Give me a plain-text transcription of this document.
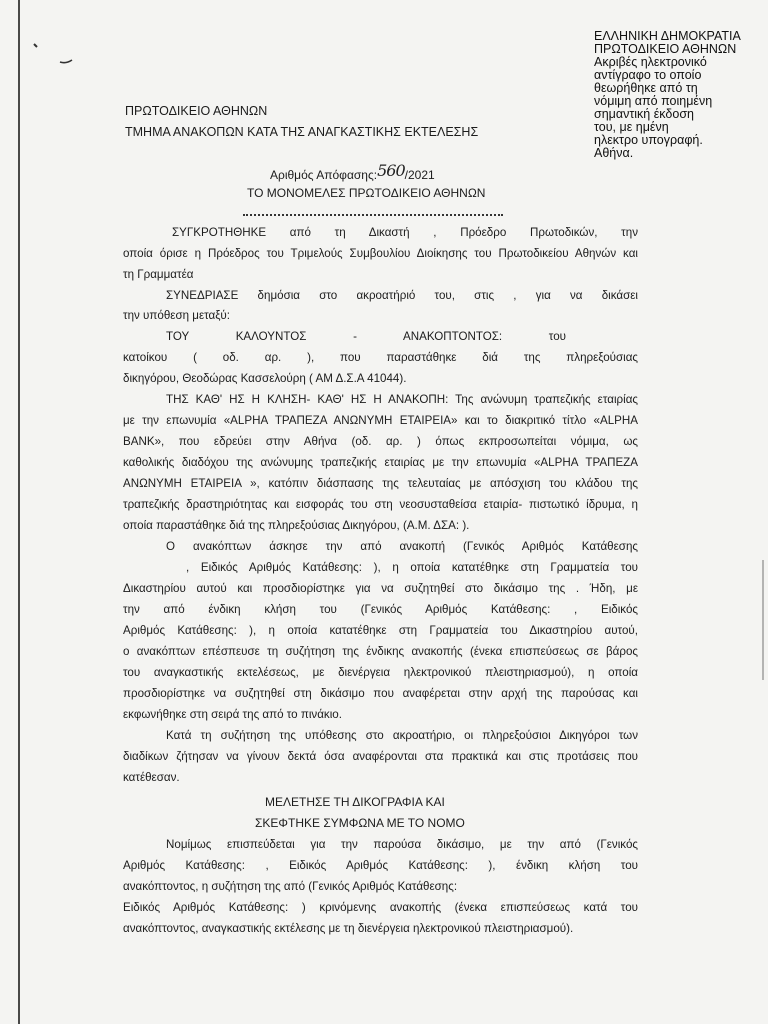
ΕΛΛΗΝΙΚΗ ΔΗΜΟΚΡΑΤΙΑ
ΠΡΩΤΟΔΙΚΕΙΟ ΑΘΗΝΩΝ
Ακριβές ηλεκτρονικό
αντίγραφο το οποίο
θεωρήθηκε από τη
νόμιμη από ποιημένη
σημαντική έκδοση
του, με ημένη
ηλεκτρο υπογραφή.
Αθήνα.
ΠΡΩΤΟΔΙΚΕΙΟ ΑΘΗΝΩΝ
ΤΜΗΜΑ ΑΝΑΚΟΠΩΝ ΚΑΤΑ ΤΗΣ ΑΝΑΓΚΑΣΤΙΚΗΣ ΕΚΤΕΛΕΣΗΣ
Αριθμός Απόφασης:560/2021
ΤΟ ΜΟΝΟΜΕΛΕΣ ΠΡΩΤΟΔΙΚΕΙΟ ΑΘΗΝΩΝ
ΣΥΓΚΡΟΤΗΘΗΚΕ από τη Δικαστή , Πρόεδρο Πρωτοδικών, την
οποία όρισε η Πρόεδρος του Τριμελούς Συμβουλίου Διοίκησης του Πρωτοδικείου Αθηνών και
τη Γραμματέα
ΣΥΝΕΔΡΙΑΣΕ δημόσια στο ακροατήριό του, στις , για να δικάσει
την υπόθεση μεταξύ:
ΤΟΥ ΚΑΛΟΥΝΤΟΣ - ΑΝΑΚΟΠΤΟΝΤΟΣ: του
κατοίκου ( οδ. αρ. ), που παραστάθηκε διά της πληρεξούσιας
δικηγόρου, Θεοδώρας Κασσελούρη ( ΑΜ Δ.Σ.Α 41044).
ΤΗΣ ΚΑΘ' ΗΣ Η ΚΛΗΣΗ- ΚΑΘ' ΗΣ Η ΑΝΑΚΟΠΗ: Της ανώνυμη τραπεζικής εταιρίας
με την επωνυμία «ALPHA ΤΡΑΠΕΖΑ ΑΝΩΝΥΜΗ ΕΤΑΙΡΕΙΑ» και το διακριτικό τίτλο «ALPHA
BANK», που εδρεύει στην Αθήνα (οδ. αρ. ) όπως εκπροσωπείται νόμιμα, ως
καθολικής διαδόχου της ανώνυμης τραπεζικής εταιρίας με την επωνυμία «ALPHA ΤΡΑΠΕΖΑ
ΑΝΩΝΥΜΗ ΕΤΑΙΡΕΙΑ », κατόπιν διάσπασης της τελευταίας με απόσχιση του κλάδου της
τραπεζικής δραστηριότητας και εισφοράς του στη νεοσυσταθείσα εταιρία- πιστωτικό ίδρυμα, η
οποία παραστάθηκε διά της πληρεξούσιας Δικηγόρου, (Α.Μ. ΔΣΑ: ).
Ο ανακόπτων άσκησε την από ανακοπή (Γενικός Αριθμός Κατάθεσης
, Ειδικός Αριθμός Κατάθεσης: ), η οποία κατατέθηκε στη Γραμματεία του
Δικαστηρίου αυτού και προσδιορίστηκε για να συζητηθεί στο δικάσιμο της . Ήδη, με
την από ένδικη κλήση του (Γενικός Αριθμός Κατάθεσης: , Ειδικός
Αριθμός Κατάθεσης: ), η οποία κατατέθηκε στη Γραμματεία του Δικαστηρίου αυτού,
ο ανακόπτων επέσπευσε τη συζήτηση της ένδικης ανακοπής (ένεκα επισπεύσεως σε βάρος
του αναγκαστικής εκτελέσεως, με διενέργεια ηλεκτρονικού πλειστηριασμού), η οποία
προσδιορίστηκε να συζητηθεί στη δικάσιμο που αναφέρεται στην αρχή της παρούσας και
εκφωνήθηκε στη σειρά της από το πινάκιο.
Κατά τη συζήτηση της υπόθεσης στο ακροατήριο, οι πληρεξούσιοι Δικηγόροι των
διαδίκων ζήτησαν να γίνουν δεκτά όσα αναφέρονται στα πρακτικά και στις προτάσεις που
κατέθεσαν.
ΜΕΛΕΤΗΣΕ ΤΗ ΔΙΚΟΓΡΑΦΙΑ ΚΑΙ
ΣΚΕΦΤΗΚΕ ΣΥΜΦΩΝΑ ΜΕ ΤΟ ΝΟΜΟ
Νομίμως επισπεύδεται για την παρούσα δικάσιμο, με την από (Γενικός
Αριθμός Κατάθεσης: , Ειδικός Αριθμός Κατάθεσης: ), ένδικη κλήση του
ανακόπτοντος, η συζήτηση της από (Γενικός Αριθμός Κατάθεσης:
Ειδικός Αριθμός Κατάθεσης: ) κρινόμενης ανακοπής (ένεκα επισπεύσεως κατά του
ανακόπτοντος, αναγκαστικής εκτέλεσης με τη διενέργεια ηλεκτρονικού πλειστηριασμού).
